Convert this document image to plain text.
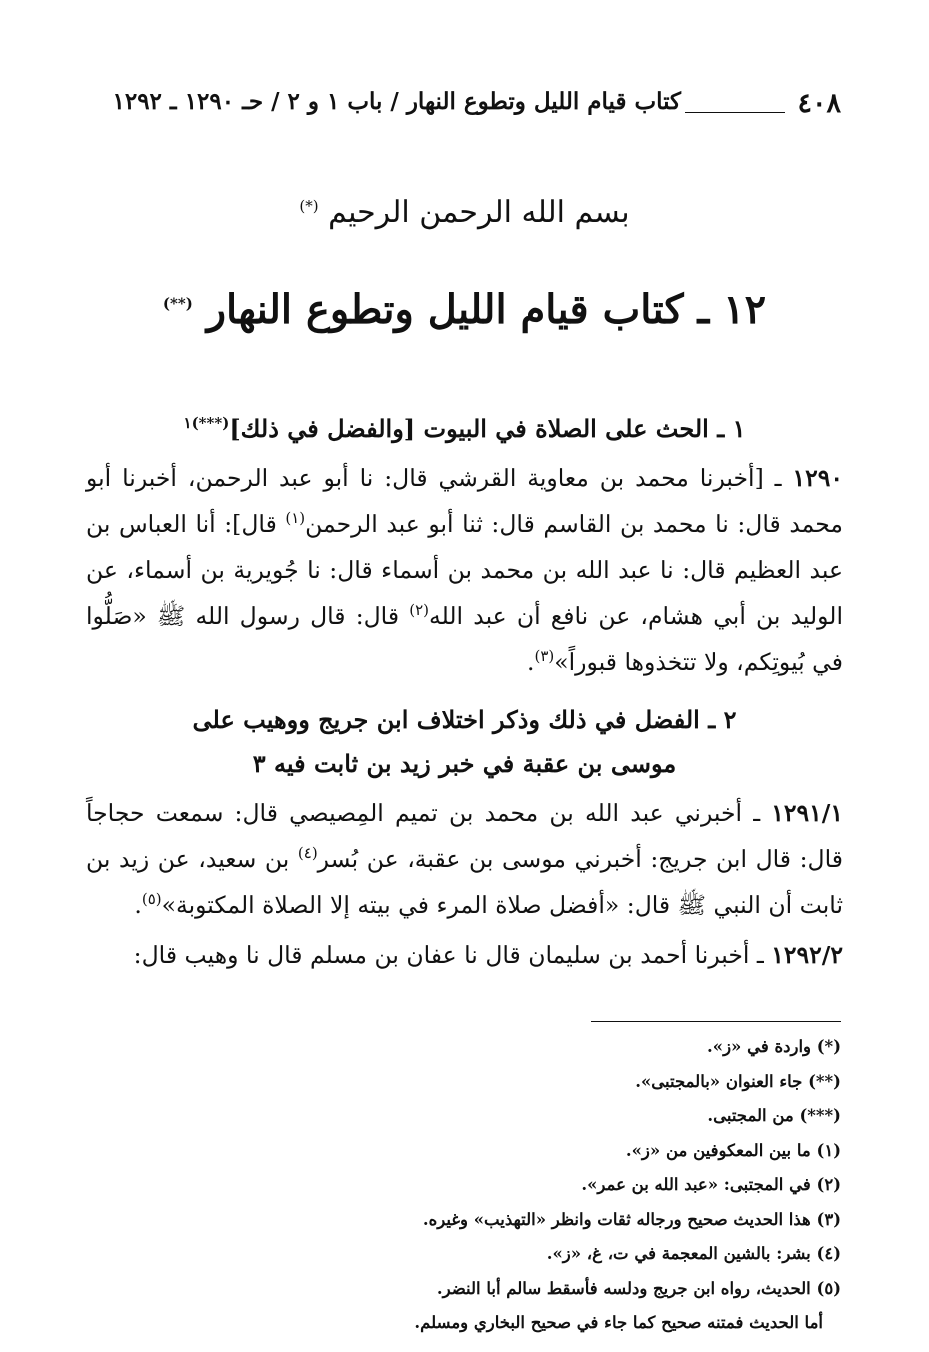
٤٠٨
كتاب قيام الليل وتطوع النهار / باب ١ و ٢ / حـ ١٢٩٠ ـ ١٢٩٢
بسم الله الرحمن الرحيم (*)
١٢ ـ كتاب قيام الليل وتطوع النهار (**)
١ ـ الحث على الصلاة في البيوت [والفضل في ذلك]$^{(***)١}$
١٢٩٠ ـ [أخبرنا محمد بن معاوية القرشي قال: نا أبو عبد الرحمن، أخبرنا أبو محمد قال: نا محمد بن القاسم قال: ثنا أبو عبد الرحمن$^{(١)}$ قال]: أنا العباس بن عبد العظيم قال: نا عبد الله بن محمد بن أسماء قال: نا جُويرية بن أسماء، عن الوليد بن أبي هشام، عن نافع أن عبد الله$^{(٢)}$ قال: قال رسول الله ﷺ «صَلُّوا في بُيوتِكم، ولا تتخذوها قبوراً»$^{(٣)}$.
٢ ـ الفضل في ذلك وذكر اختلاف ابن جريج ووهيب على
موسى بن عقبة في خبر زيد بن ثابت فيه ٣
١٢٩١/١ ـ أخبرني عبد الله بن محمد بن تميم المِصيصي قال: سمعت حجاجاً قال: قال ابن جريج: أخبرني موسى بن عقبة، عن بُسر$^{(٤)}$ بن سعيد، عن زيد بن ثابت أن النبي ﷺ قال: «أفضل صلاة المرء في بيته إلا الصلاة المكتوبة»$^{(٥)}$.
١٢٩٢/٢ ـ أخبرنا أحمد بن سليمان قال نا عفان بن مسلم قال نا وهيب قال:
(*) واردة في «ز».
(**) جاء العنوان «بالمجتبى».
(***) من المجتبى.
(١) ما بين المعكوفين من «ز».
(٢) في المجتبى: «عبد الله بن عمر».
(٣) هذا الحديث صحيح ورجاله ثقات وانظر «التهذيب» وغيره.
(٤) بشر: بالشين المعجمة في ت، غ، «ز».
(٥) الحديث، رواه ابن جريج ودلسه فأسقط سالم أبا النضر.
أما الحديث فمتنه صحيح كما جاء في صحيح البخاري ومسلم.
